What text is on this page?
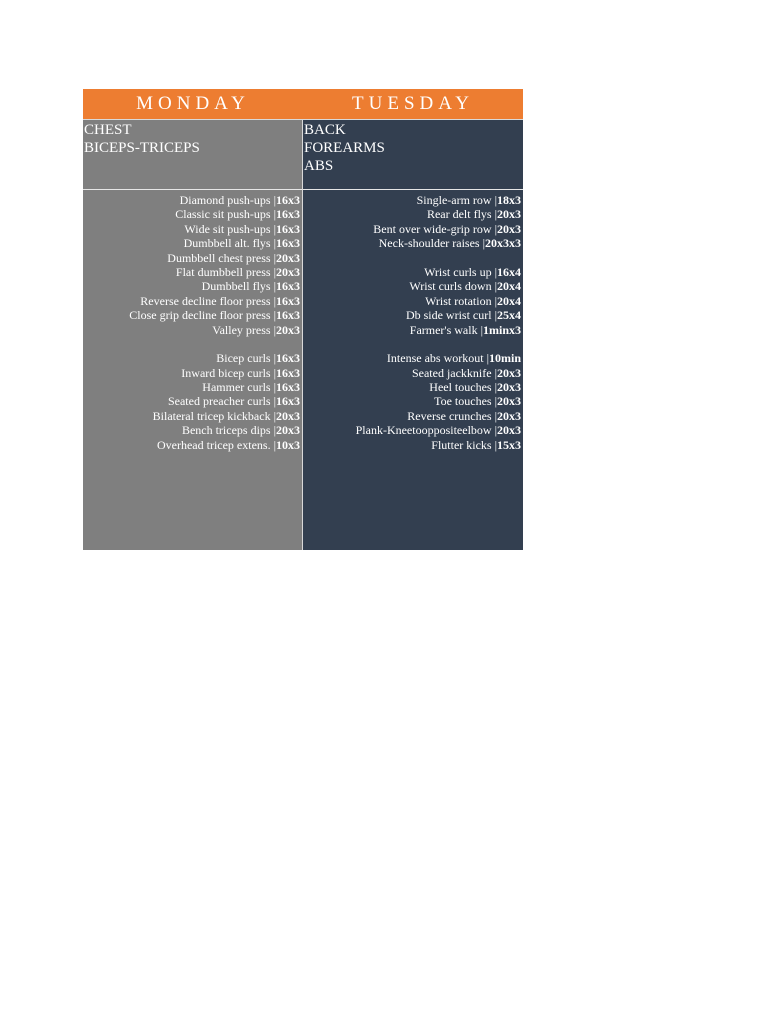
MONDAY	TUESDAY
CHEST
BICEPS-TRICEPS
Diamond push-ups |16x3
Classic sit push-ups |16x3
Wide sit push-ups |16x3
Dumbbell alt. flys |16x3
Dumbbell chest press |20x3
Flat dumbbell press |20x3
Dumbbell flys |16x3
Reverse decline floor press |16x3
Close grip decline floor press |16x3
Valley press |20x3
Bicep curls |16x3
Inward bicep curls |16x3
Hammer curls |16x3
Seated preacher curls |16x3
Bilateral tricep kickback |20x3
Bench triceps dips |20x3
Overhead tricep extens. |10x3
BACK
FOREARMS
ABS
Single-arm row |18x3
Rear delt flys |20x3
Bent over wide-grip row |20x3
Neck-shoulder raises |20x3x3
Wrist curls up |16x4
Wrist curls down |20x4
Wrist rotation |20x4
Db side wrist curl |25x4
Farmer's walk |1minx3
Intense abs workout |10min
Seated jackknife |20x3
Heel touches |20x3
Toe touches |20x3
Reverse crunches |20x3
Plank-Kneetooppositeelbow |20x3
Flutter kicks |15x3
